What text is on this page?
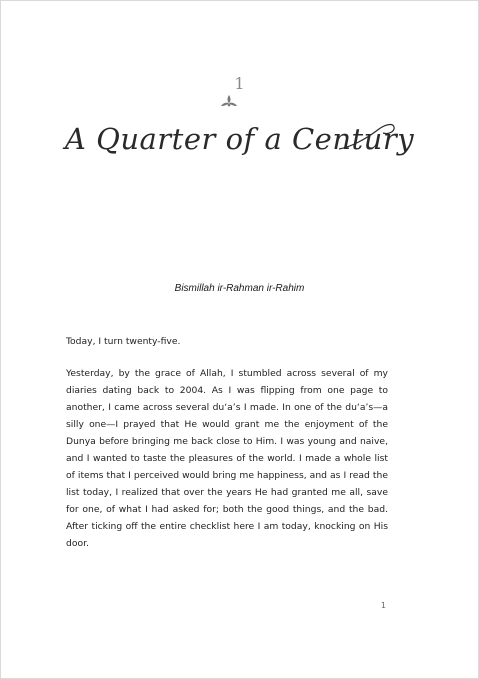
1
A Quarter of a Century
Bismillah ir-Rahman ir-Rahim

Today, I turn twenty-five.

Yesterday, by the grace of Allah, I stumbled across several of my diaries dating back to 2004. As I was flipping from one page to another, I came across several du‘a’s I made. In one of the du‘a’s—a silly one—I prayed that He would grant me the enjoyment of the Dunya before bringing me back close to Him. I was young and naive, and I wanted to taste the pleasures of the world. I made a whole list of items that I perceived would bring me happiness, and as I read the list today, I realized that over the years He had granted me all, save for one, of what I had asked for; both the good things, and the bad. After ticking off the entire checklist here I am today, knocking on His door.

1
